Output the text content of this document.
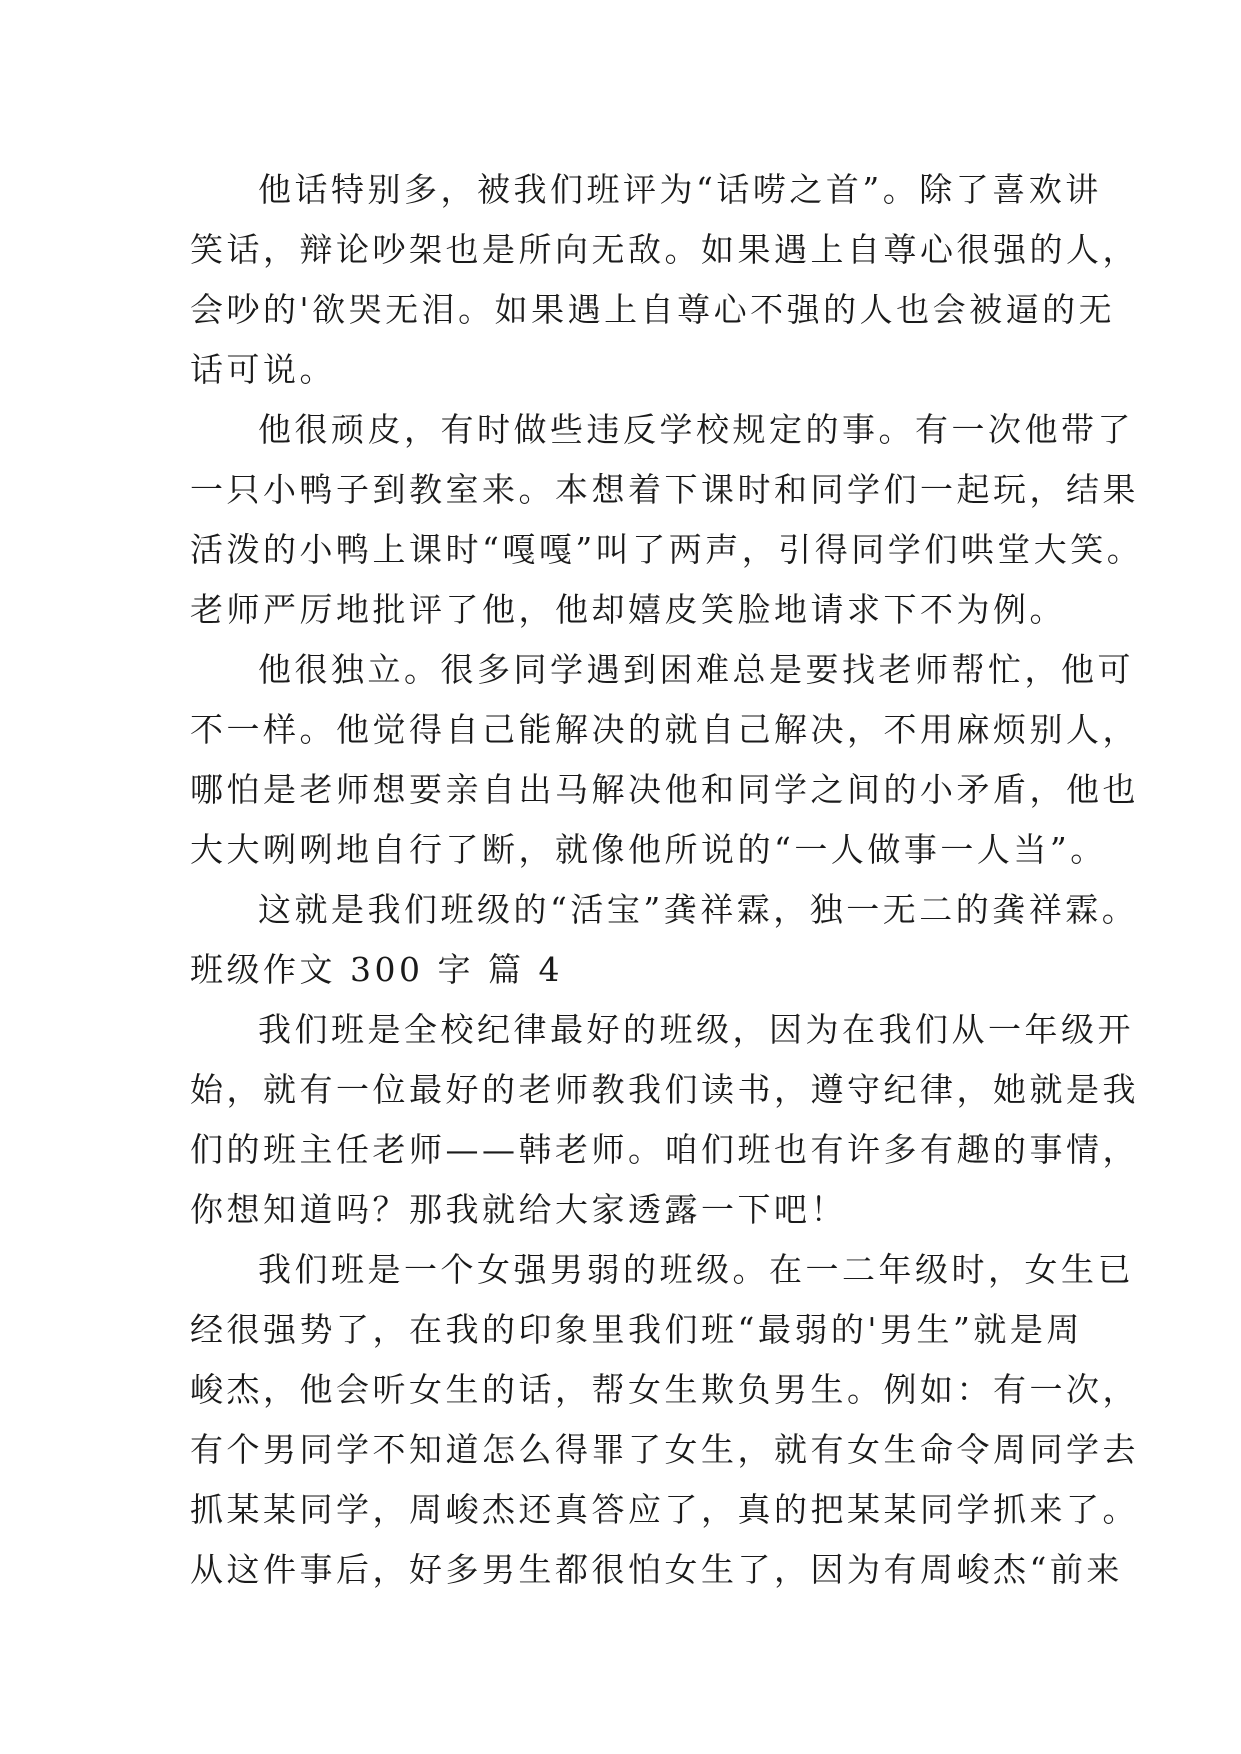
他话特别多，被我们班评为“话唠之首”。除了喜欢讲
笑话，辩论吵架也是所向无敌。如果遇上自尊心很强的人，
会吵的'欲哭无泪。如果遇上自尊心不强的人也会被逼的无
话可说。
他很顽皮，有时做些违反学校规定的事。有一次他带了
一只小鸭子到教室来。本想着下课时和同学们一起玩，结果
活泼的小鸭上课时“嘎嘎”叫了两声，引得同学们哄堂大笑。
老师严厉地批评了他，他却嬉皮笑脸地请求下不为例。
他很独立。很多同学遇到困难总是要找老师帮忙，他可
不一样。他觉得自己能解决的就自己解决，不用麻烦别人，
哪怕是老师想要亲自出马解决他和同学之间的小矛盾，他也
大大咧咧地自行了断，就像他所说的“一人做事一人当”。
这就是我们班级的“活宝”龚祥霖，独一无二的龚祥霖。
班级作文 300 字 篇 4
我们班是全校纪律最好的班级，因为在我们从一年级开
始，就有一位最好的老师教我们读书，遵守纪律，她就是我
们的班主任老师——韩老师。咱们班也有许多有趣的事情，
你想知道吗？那我就给大家透露一下吧！
我们班是一个女强男弱的班级。在一二年级时，女生已
经很强势了，在我的印象里我们班“最弱的'男生”就是周
峻杰，他会听女生的话，帮女生欺负男生。例如：有一次，
有个男同学不知道怎么得罪了女生，就有女生命令周同学去
抓某某同学，周峻杰还真答应了，真的把某某同学抓来了。
从这件事后，好多男生都很怕女生了，因为有周峻杰“前来
